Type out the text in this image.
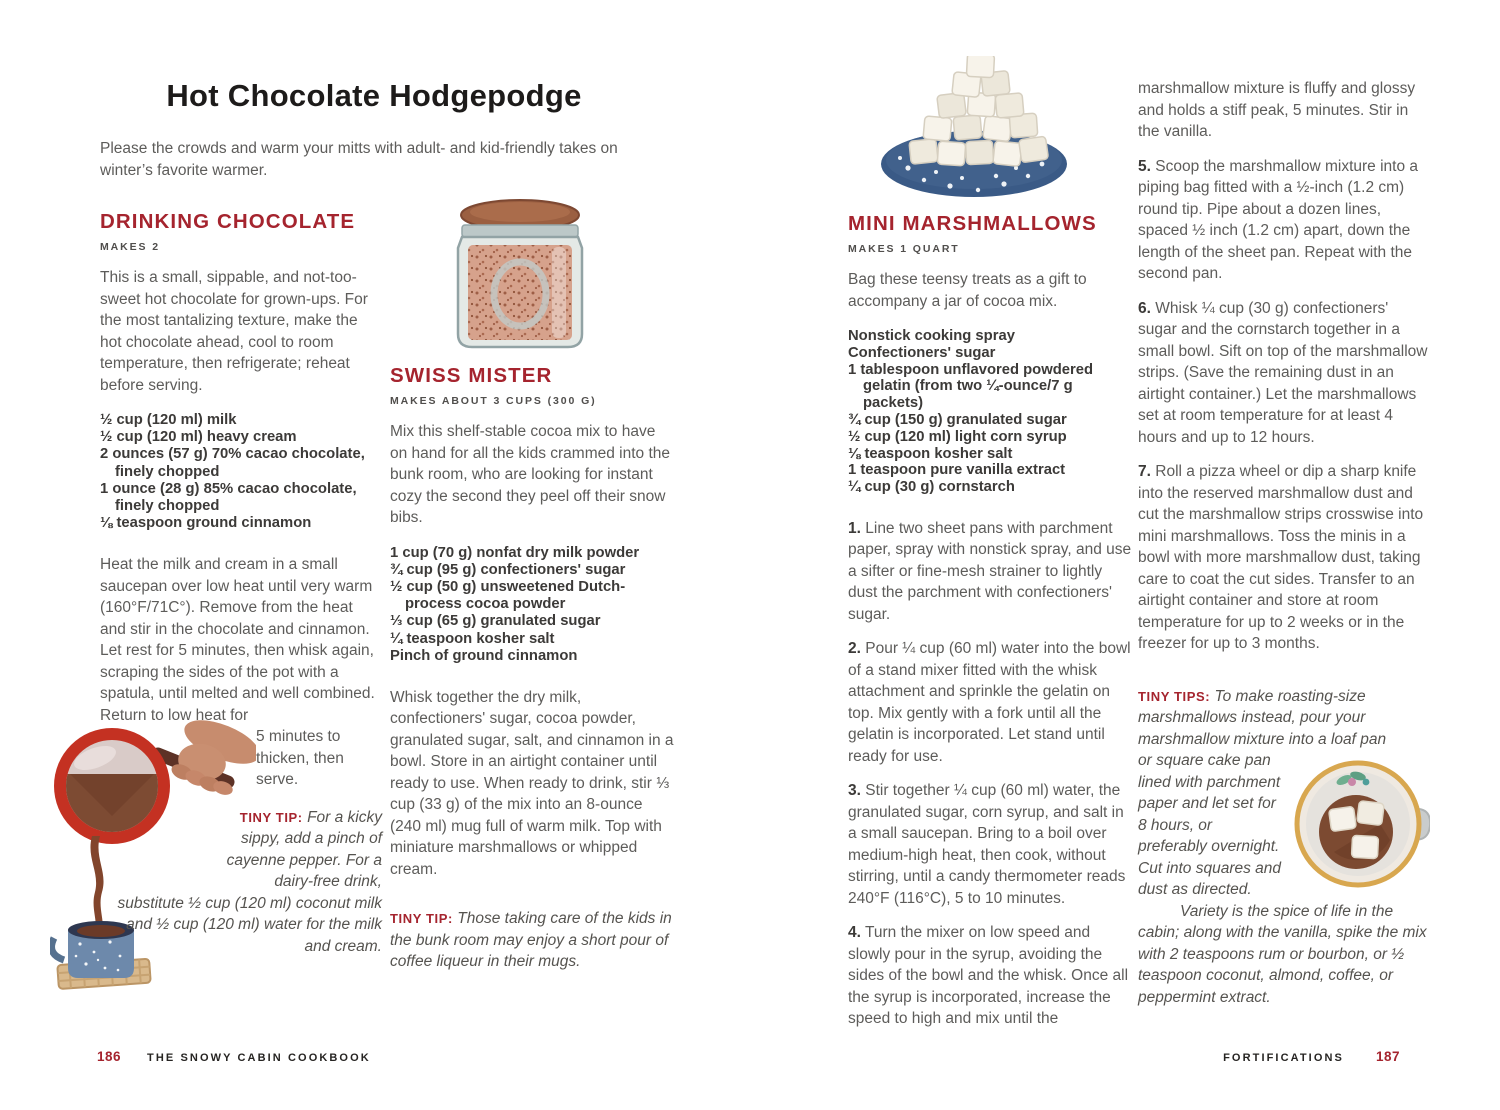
Hot Chocolate Hodgepodge

Please the crowds and warm your mitts with adult- and kid-friendly takes on winter’s favorite warmer.

DRINKING CHOCOLATE
MAKES 2

This is a small, sippable, and not-too-sweet hot chocolate for grown-ups. For the most tantalizing texture, make the hot chocolate ahead, cool to room temperature, then refrigerate; reheat before serving.

½ cup (120 ml) milk
½ cup (120 ml) heavy cream
2 ounces (57 g) 70% cacao chocolate, finely chopped
1 ounce (28 g) 85% cacao chocolate, finely chopped
⅛ teaspoon ground cinnamon

Heat the milk and cream in a small saucepan over low heat until very warm (160°F/71C°). Remove from the heat and stir in the chocolate and cinnamon. Let rest for 5 minutes, then whisk again, scraping the sides of the pot with a spatula, until melted and well combined. Return to low heat for

5 minutes to thicken, then serve.

TINY TIP: For a kicky sippy, add a pinch of cayenne pepper. For a dairy-free drink, substitute ½ cup (120 ml) coconut milk and ½ cup (120 ml) water for the milk and cream.

SWISS MISTER
MAKES ABOUT 3 CUPS (300 G)

Mix this shelf-stable cocoa mix to have on hand for all the kids crammed into the bunk room, who are looking for instant cozy the second they peel off their snow bibs.

1 cup (70 g) nonfat dry milk powder
¾ cup (95 g) confectioners' sugar
½ cup (50 g) unsweetened Dutch-process cocoa powder
⅓ cup (65 g) granulated sugar
¼ teaspoon kosher salt
Pinch of ground cinnamon

Whisk together the dry milk, confectioners' sugar, cocoa powder, granulated sugar, salt, and cinnamon in a bowl. Store in an airtight container until ready to use. When ready to drink, stir ⅓ cup (33 g) of the mix into an 8-ounce (240 ml) mug full of warm milk. Top with miniature marshmallows or whipped cream.

TINY TIP: Those taking care of the kids in the bunk room may enjoy a short pour of coffee liqueur in their mugs.

MINI MARSHMALLOWS
MAKES 1 QUART

Bag these teensy treats as a gift to accompany a jar of cocoa mix.

Nonstick cooking spray
Confectioners' sugar
1 tablespoon unflavored powdered gelatin (from two ¼-ounce/7 g packets)
¾ cup (150 g) granulated sugar
½ cup (120 ml) light corn syrup
⅛ teaspoon kosher salt
1 teaspoon pure vanilla extract
¼ cup (30 g) cornstarch

1. Line two sheet pans with parchment paper, spray with nonstick spray, and use a sifter or fine-mesh strainer to lightly dust the parchment with confectioners' sugar.

2. Pour ¼ cup (60 ml) water into the bowl of a stand mixer fitted with the whisk attachment and sprinkle the gelatin on top. Mix gently with a fork until all the gelatin is incorporated. Let stand until ready for use.

3. Stir together ¼ cup (60 ml) water, the granulated sugar, corn syrup, and salt in a small saucepan. Bring to a boil over medium-high heat, then cook, without stirring, until a candy thermometer reads 240°F (116°C), 5 to 10 minutes.

4. Turn the mixer on low speed and slowly pour in the syrup, avoiding the sides of the bowl and the whisk. Once all the syrup is incorporated, increase the speed to high and mix until the

marshmallow mixture is fluffy and glossy and holds a stiff peak, 5 minutes. Stir in the vanilla.

5. Scoop the marshmallow mixture into a piping bag fitted with a ½-inch (1.2 cm) round tip. Pipe about a dozen lines, spaced ½ inch (1.2 cm) apart, down the length of the sheet pan. Repeat with the second pan.

6. Whisk ¼ cup (30 g) confectioners' sugar and the cornstarch together in a small bowl. Sift on top of the marshmallow strips. (Save the remaining dust in an airtight container.) Let the marshmallows set at room temperature for at least 4 hours and up to 12 hours.

7. Roll a pizza wheel or dip a sharp knife into the reserved marshmallow dust and cut the marshmallow strips crosswise into mini marshmallows. Toss the minis in a bowl with more marshmallow dust, taking care to coat the cut sides. Transfer to an airtight container and store at room temperature for up to 2 weeks or in the freezer for up to 3 months.

TINY TIPS: To make roasting-size marshmallows instead, pour your marshmallow mixture into a loaf pan

or square cake pan lined with parchment paper and let set for 8 hours, or preferably overnight. Cut into squares and dust as directed.

Variety is the spice of life in the cabin; along with the vanilla, spike the mix with 2 teaspoons rum or bourbon, or ½ teaspoon coconut, almond, coffee, or peppermint extract.

186 THE SNOWY CABIN COOKBOOK	FORTIFICATIONS 187
